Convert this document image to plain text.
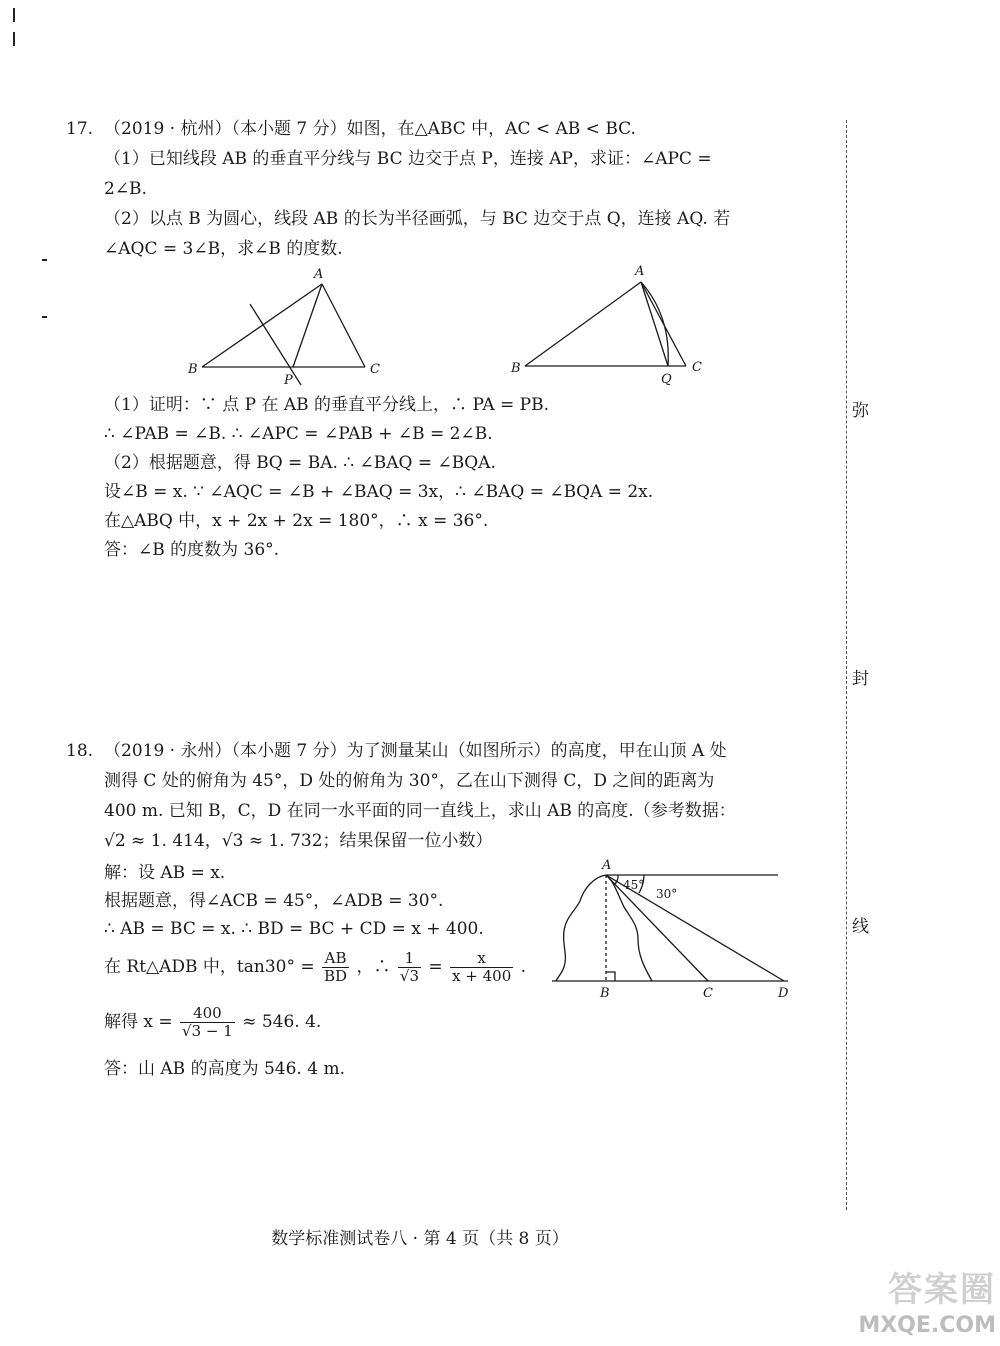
弥
封
线
17. （2019 · 杭州）（本小题 7 分）如图，在△ABC 中，AC < AB < BC.
（1）已知线段 AB 的垂直平分线与 BC 边交于点 P，连接 AP，求证：∠APC =
2∠B.
（2）以点 B 为圆心，线段 AB 的长为半径画弧，与 BC 边交于点 Q，连接 AQ. 若
∠AQC = 3∠B，求∠B 的度数.
A
B	C
P
A
B	C
Q
（1）证明：∵ 点 P 在 AB 的垂直平分线上，∴ PA = PB.
∴ ∠PAB = ∠B. ∴ ∠APC = ∠PAB + ∠B = 2∠B.
（2）根据题意，得 BQ = BA. ∴ ∠BAQ = ∠BQA.
设∠B = x. ∵ ∠AQC = ∠B + ∠BAQ = 3x，∴ ∠BAQ = ∠BQA = 2x.
在△ABQ 中，x + 2x + 2x = 180°，∴ x = 36°.
答：∠B 的度数为 36°.
18. （2019 · 永州）（本小题 7 分）为了测量某山（如图所示）的高度，甲在山顶 A 处
测得 C 处的俯角为 45°，D 处的俯角为 30°，乙在山下测得 C，D 之间的距离为
400 m. 已知 B，C，D 在同一水平面的同一直线上，求山 AB 的高度.（参考数据：
√2 ≈ 1. 414，√3 ≈ 1. 732；结果保留一位小数）
解：设 AB = x.
根据题意，得∠ACB = 45°，∠ADB = 30°.
∴ AB = BC = x. ∴ BD = BC + CD = x + 400.
在 Rt△ADB 中，$\tan 30^\circ = \frac{AB}{BD}$ ，∴ $\frac{1}{√3} = \frac{x}{x + 400}$ .
解得 $x = \frac{400}{√3 - 1} \approx 546$. 4.
答：山 AB 的高度为 546. 4 m.
A
B	C	D
45°
30°
数学标准测试卷八 · 第 4 页（共 8 页）
答案圈
MXQE.COM
